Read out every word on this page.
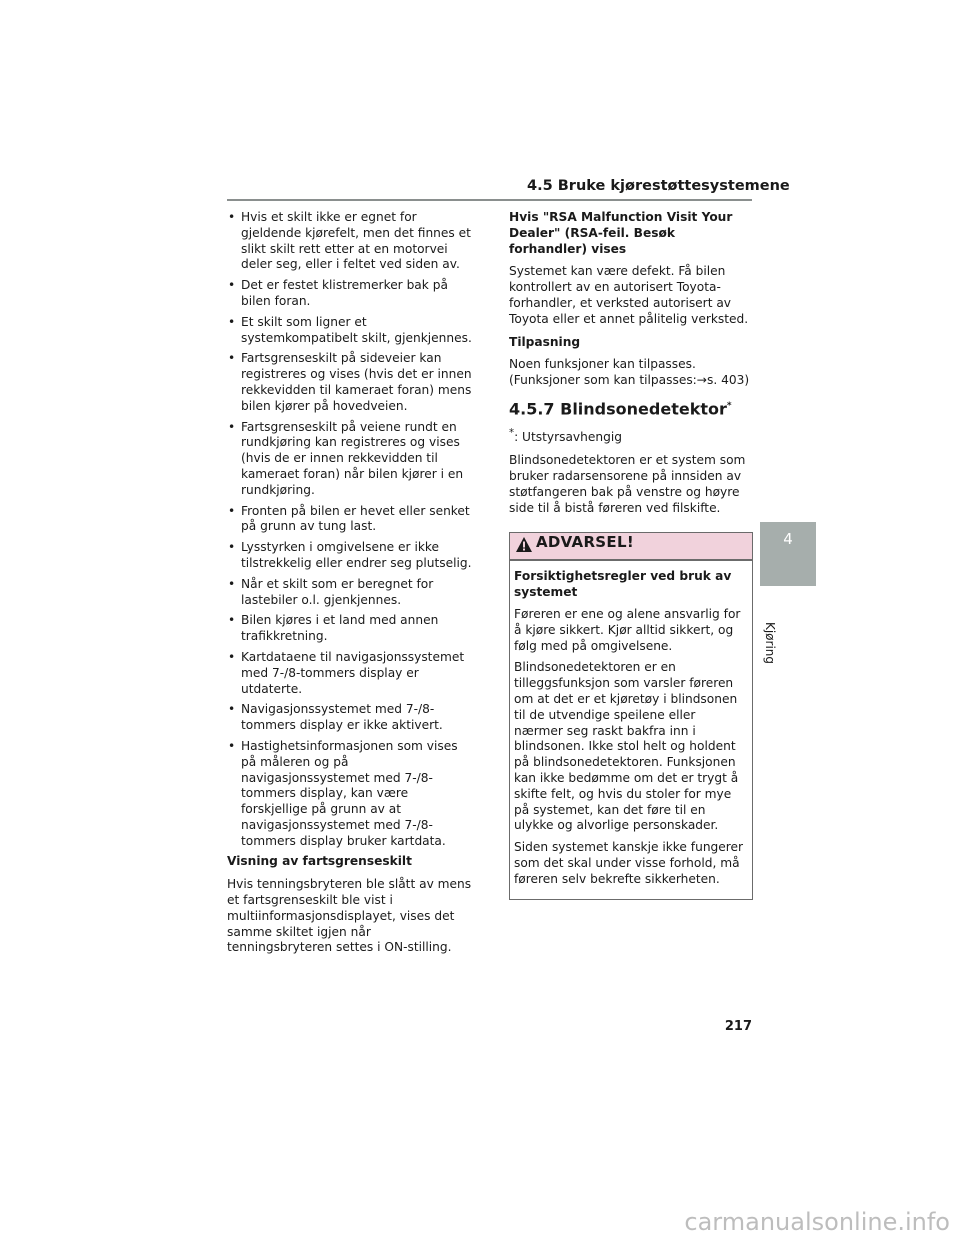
4.5 Bruke kjørestøttesystemene
• Hvis et skilt ikke er egnet for gjeldende kjørefelt, men det finnes et slikt skilt rett etter at en motorvei deler seg, eller i feltet ved siden av.
• Det er festet klistremerker bak på bilen foran.
• Et skilt som ligner et systemkompatibelt skilt, gjenkjennes.
• Fartsgrenseskilt på sideveier kan registreres og vises (hvis det er innen rekkevidden til kameraet foran) mens bilen kjører på hovedveien.
• Fartsgrenseskilt på veiene rundt en rundkjøring kan registreres og vises (hvis de er innen rekkevidden til kameraet foran) når bilen kjører i en rundkjøring.
• Fronten på bilen er hevet eller senket på grunn av tung last.
• Lysstyrken i omgivelsene er ikke tilstrekkelig eller endrer seg plutselig.
• Når et skilt som er beregnet for lastebiler o.l. gjenkjennes.
• Bilen kjøres i et land med annen trafikkretning.
• Kartdataene til navigasjonssystemet med 7-/8-tommers display er utdaterte.
• Navigasjonssystemet med 7-/8-tommers display er ikke aktivert.
• Hastighetsinformasjonen som vises på måleren og på navigasjonssystemet med 7-/8-tommers display, kan være forskjellige på grunn av at navigasjonssystemet med 7-/8-tommers display bruker kartdata.

Visning av fartsgrenseskilt

Hvis tenningsbryteren ble slått av mens et fartsgrenseskilt ble vist i multiinformasjonsdisplayet, vises det samme skiltet igjen når tenningsbryteren settes i ON-stilling.

Hvis "RSA Malfunction Visit Your Dealer" (RSA-feil. Besøk forhandler) vises

Systemet kan være defekt. Få bilen kontrollert av en autorisert Toyota-forhandler, et verksted autorisert av Toyota eller et annet pålitelig verksted.

Tilpasning

Noen funksjoner kan tilpasses.
(Funksjoner som kan tilpasses:→s. 403)

4.5.7 Blindsonedetektor*

*: Utstyrsavhengig

Blindsonedetektoren er et system som bruker radarsensorene på innsiden av støtfangeren bak på venstre og høyre side til å bistå føreren ved filskifte.

ADVARSEL!

Forsiktighetsregler ved bruk av systemet

Føreren er ene og alene ansvarlig for å kjøre sikkert. Kjør alltid sikkert, og følg med på omgivelsene.

Blindsonedetektoren er en tilleggsfunksjon som varsler føreren om at det er et kjøretøy i blindsonen til de utvendige speilene eller nærmer seg raskt bakfra inn i blindsonen. Ikke stol helt og holdent på blindsonedetektoren. Funksjonen kan ikke bedømme om det er trygt å skifte felt, og hvis du stoler for mye på systemet, kan det føre til en ulykke og alvorlige personskader.

Siden systemet kanskje ikke fungerer som det skal under visse forhold, må føreren selv bekrefte sikkerheten.

4
Kjøring
217
carmanualsonline.info
